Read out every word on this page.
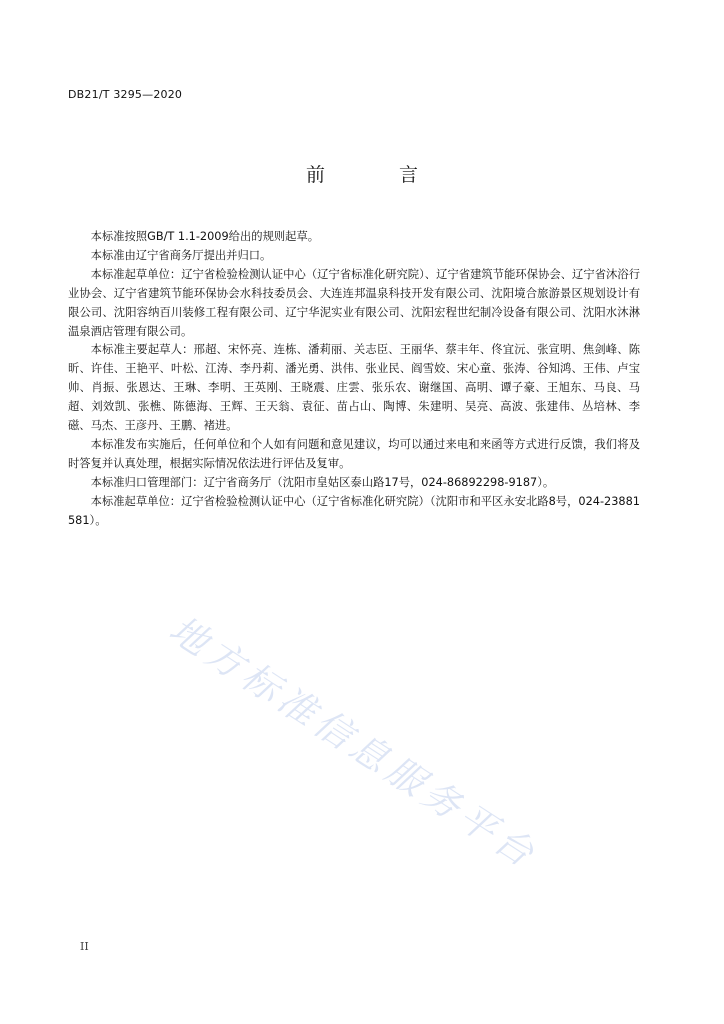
DB21/T 3295—2020
前 言

本标准按照GB/T 1.1-2009给出的规则起草。

本标准由辽宁省商务厅提出并归口。

本标准起草单位：辽宁省检验检测认证中心（辽宁省标准化研究院）、辽宁省建筑节能环保协会、辽宁省沐浴行业协会、辽宁省建筑节能环保协会水科技委员会、大连连邦温泉科技开发有限公司、沈阳境合旅游景区规划设计有限公司、沈阳容纳百川装修工程有限公司、辽宁华泥实业有限公司、沈阳宏程世纪制冷设备有限公司、沈阳水沐淋温泉酒店管理有限公司。

本标准主要起草人：邢超、宋怀亮、连栋、潘莉丽、关志臣、王丽华、蔡丰年、佟宜沅、张宣明、焦剑峰、陈昕、许佳、王艳平、叶松、江涛、李丹莉、潘光勇、洪伟、张业民、阎雪姣、宋心童、张涛、谷知鸿、王伟、卢宝帅、肖振、张恩达、王琳、李明、王英刚、王晓震、庄雲、张乐农、谢继国、高明、谭子豪、王旭东、马良、马超、刘效凯、张樵、陈德海、王辉、王天翁、袁征、苗占山、陶博、朱建明、吴亮、高波、张建伟、丛培林、李磁、马杰、王彦丹、王鹏、褚进。

本标准发布实施后，任何单位和个人如有问题和意见建议，均可以通过来电和来函等方式进行反馈，我们将及时答复并认真处理，根据实际情况依法进行评估及复审。

本标准归口管理部门：辽宁省商务厅（沈阳市皇姑区泰山路17号，024-86892298-9187）。

本标准起草单位：辽宁省检验检测认证中心（辽宁省标准化研究院）（沈阳市和平区永安北路8号，024-23881581）。

地方标准信息服务平台
II
